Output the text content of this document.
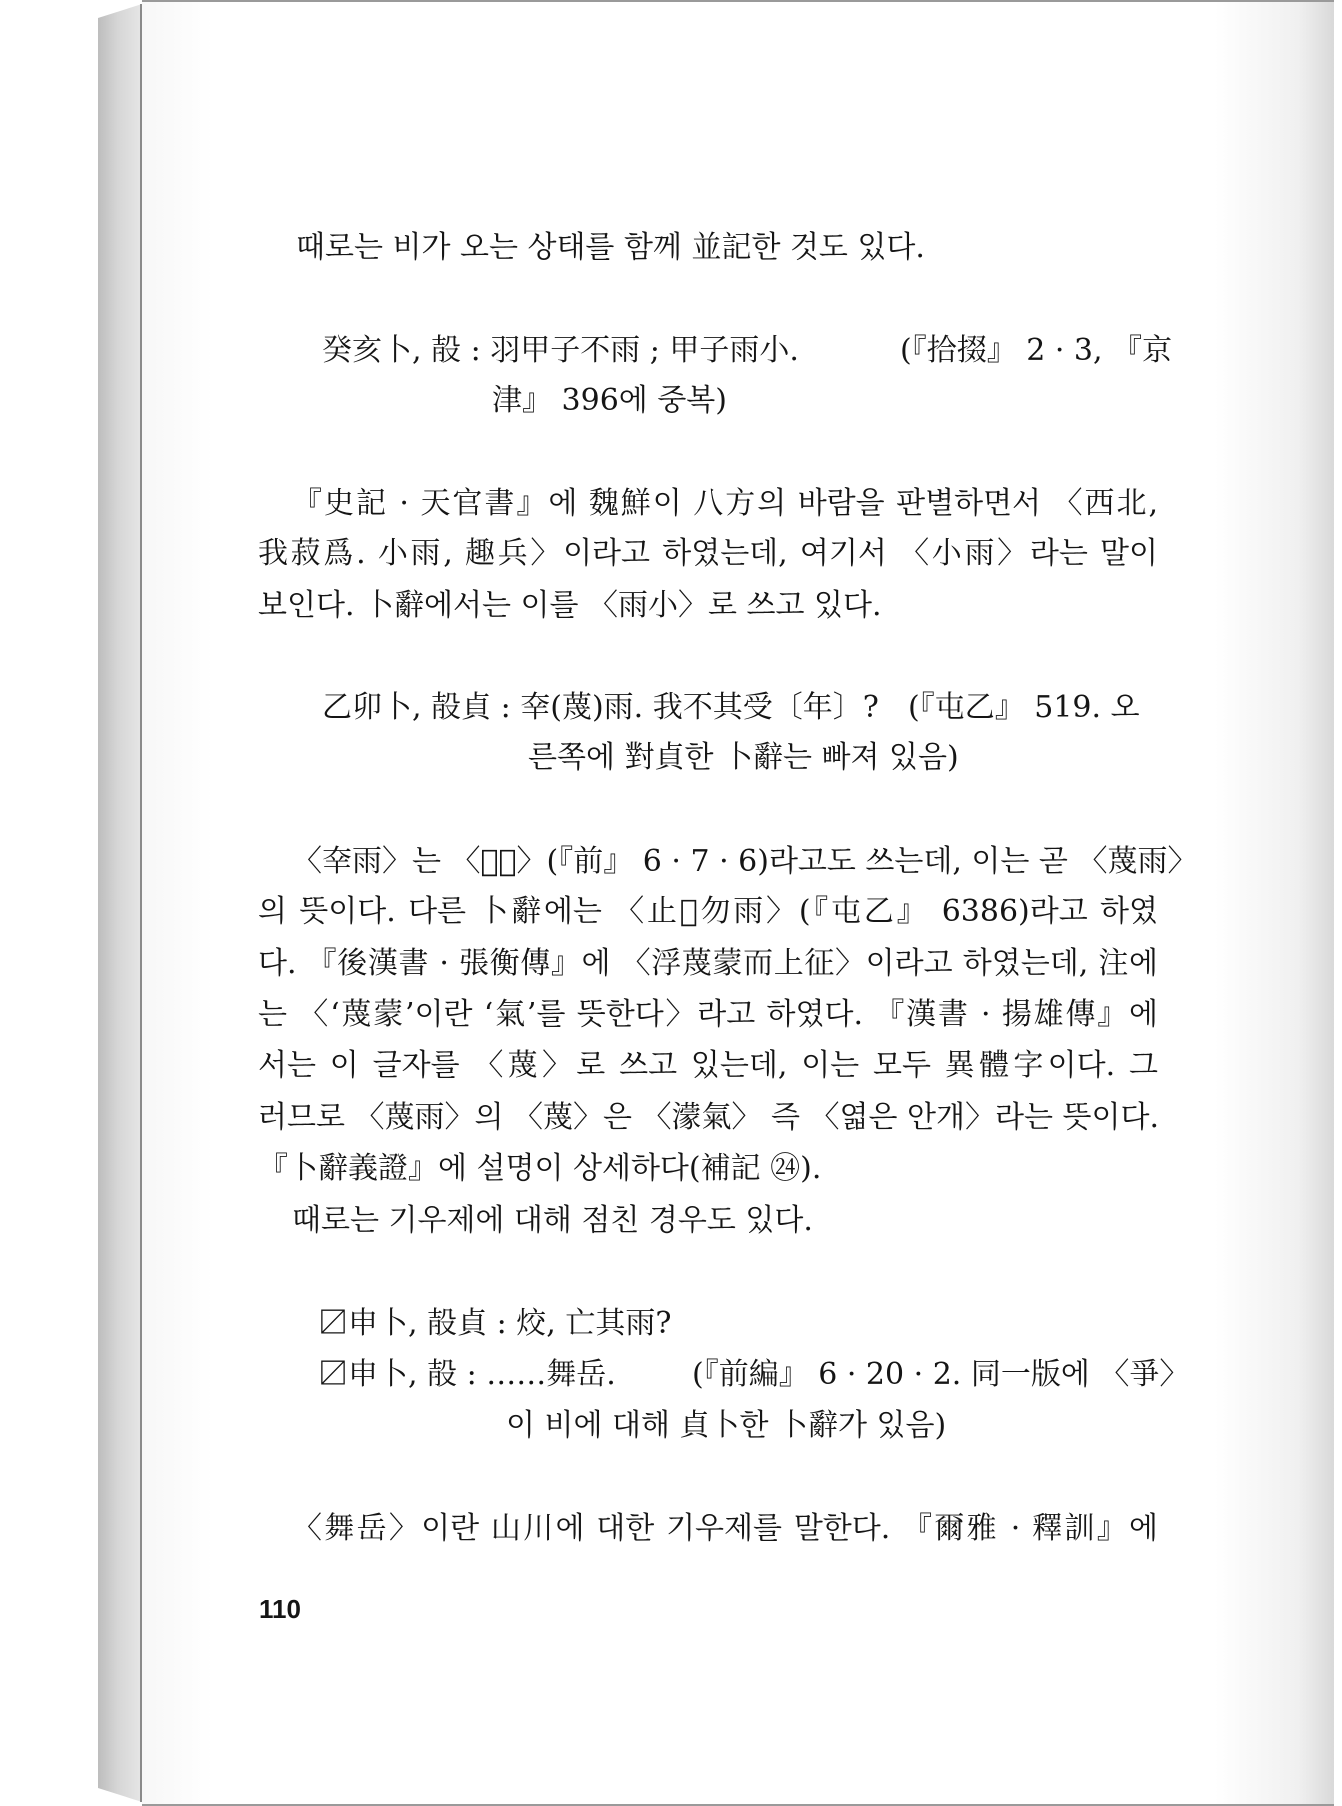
때로는 비가 오는 상태를 함께 並記한 것도 있다.
癸亥卜, 㱿 : 羽甲子不雨 ; 甲子雨小.	(『拾掇』 2 · 3, 『京
津』 396에 중복)
『史記 · 天官書』에 魏鮮이 八方의 바람을 판별하면서 〈西北,
我菽爲. 小雨, 趣兵〉이라고 하였는데, 여기서 〈小雨〉라는 말이
보인다. 卜辭에서는 이를 〈雨小〉로 쓰고 있다.
乙卯卜, 㱿貞 : 㚔(蔑)雨. 我不其受〔年〕? (『屯乙』 519. 오
른쪽에 對貞한 卜辭는 빠져 있음)
〈㚔雨〉는 〈𩂷雨〉(『前』 6 · 7 · 6)라고도 쓰는데, 이는 곧 〈蔑雨〉
의 뜻이다. 다른 卜辭에는 〈止𩂷勿雨〉(『屯乙』 6386)라고 하였
다. 『後漢書 · 張衡傳』에 〈浮蔑蒙而上征〉이라고 하였는데, 注에
는 〈‘蔑蒙’이란 ‘氣’를 뜻한다〉라고 하였다. 『漢書 · 揚雄傳』에
서는 이 글자를 〈蔑〉로 쓰고 있는데, 이는 모두 異體字이다. 그
러므로 〈蔑雨〉의 〈蔑〉은 〈濛氣〉 즉 〈엷은 안개〉라는 뜻이다.
『卜辭義證』에 설명이 상세하다(補記 ㉔).
때로는 기우제에 대해 점친 경우도 있다.
〼申卜, 㱿貞 : 烄, 亡其雨?
〼申卜, 㱿 : ……舞岳.	(『前編』 6 · 20 · 2. 同一版에 〈爭〉
이 비에 대해 貞卜한 卜辭가 있음)
〈舞岳〉이란 山川에 대한 기우제를 말한다. 『爾雅 · 釋訓』에
110
